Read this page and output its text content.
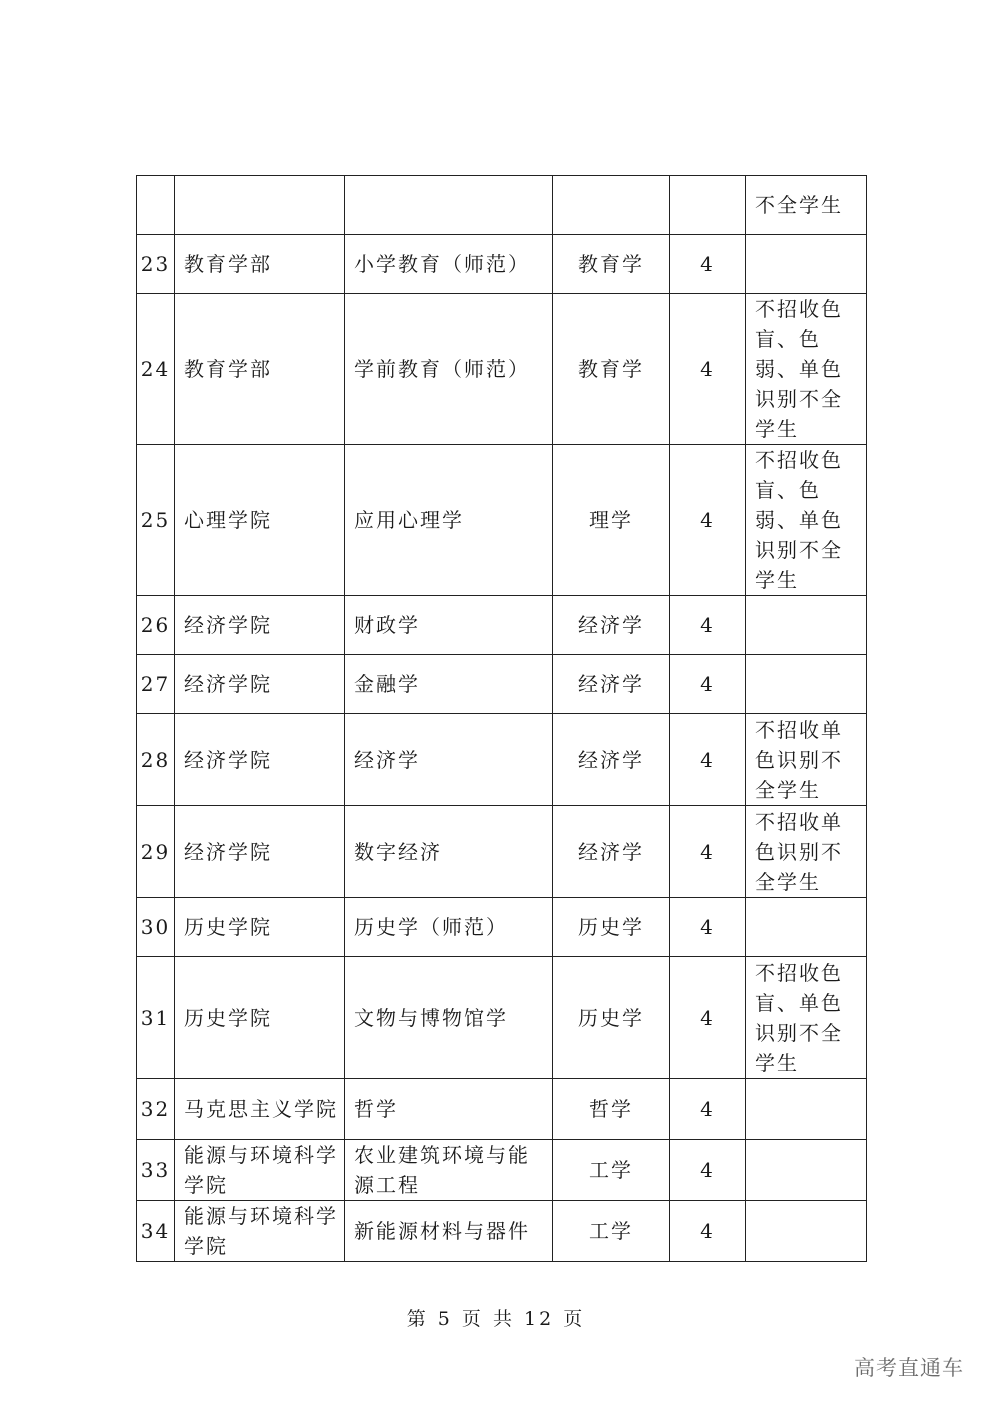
					不全学生
23	教育学部	小学教育（师范）	教育学	4	
24	教育学部	学前教育（师范）	教育学	4	不招收色盲、色弱、单色识别不全学生
25	心理学院	应用心理学	理学	4	不招收色盲、色弱、单色识别不全学生
26	经济学院	财政学	经济学	4	
27	经济学院	金融学	经济学	4	
28	经济学院	经济学	经济学	4	不招收单色识别不全学生
29	经济学院	数字经济	经济学	4	不招收单色识别不全学生
30	历史学院	历史学（师范）	历史学	4	
31	历史学院	文物与博物馆学	历史学	4	不招收色盲、单色识别不全学生
32	马克思主义学院	哲学	哲学	4	
33	能源与环境科学学院	农业建筑环境与能源工程	工学	4	
34	能源与环境科学学院	新能源材料与器件	工学	4	
第 5 页 共 12 页
高考直通车
